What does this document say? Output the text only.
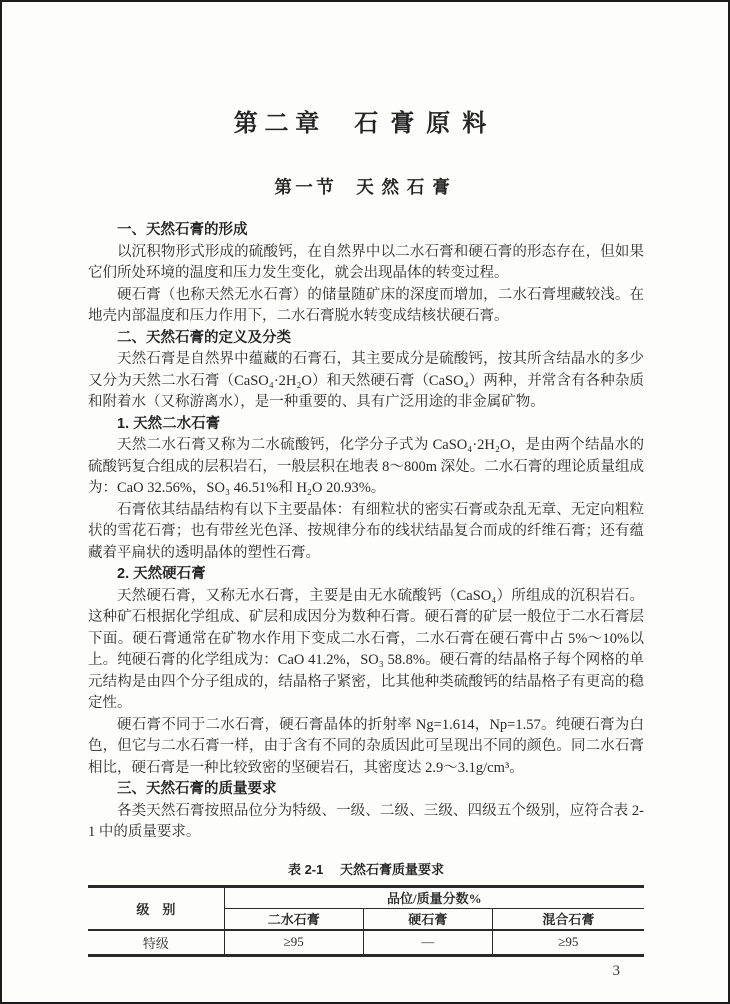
第二章 石膏原料
第一节 天然石膏

一、天然石膏的形成

以沉积物形式形成的硫酸钙，在自然界中以二水石膏和硬石膏的形态存在，但如果它们所处环境的温度和压力发生变化，就会出现晶体的转变过程。

硬石膏（也称天然无水石膏）的储量随矿床的深度而增加，二水石膏埋藏较浅。在地壳内部温度和压力作用下，二水石膏脱水转变成结核状硬石膏。

二、天然石膏的定义及分类

天然石膏是自然界中蕴藏的石膏石，其主要成分是硫酸钙，按其所含结晶水的多少又分为天然二水石膏（CaSO₄·2H₂O）和天然硬石膏（CaSO₄）两种，并常含有各种杂质和附着水（又称游离水），是一种重要的、具有广泛用途的非金属矿物。

1. 天然二水石膏

天然二水石膏又称为二水硫酸钙，化学分子式为 CaSO₄·2H₂O，是由两个结晶水的硫酸钙复合组成的层积岩石，一般层积在地表 8～800m 深处。二水石膏的理论质量组成为：CaO 32.56%，SO₃ 46.51%和 H₂O 20.93%。

石膏依其结晶结构有以下主要晶体：有细粒状的密实石膏或杂乱无章、无定向粗粒状的雪花石膏；也有带丝光色泽、按规律分布的线状结晶复合而成的纤维石膏；还有蕴藏着平扁状的透明晶体的塑性石膏。

2. 天然硬石膏

天然硬石膏，又称无水石膏，主要是由无水硫酸钙（CaSO₄）所组成的沉积岩石。这种矿石根据化学组成、矿层和成因分为数种石膏。硬石膏的矿层一般位于二水石膏层下面。硬石膏通常在矿物水作用下变成二水石膏，二水石膏在硬石膏中占 5%～10%以上。纯硬石膏的化学组成为：CaO 41.2%，SO₃ 58.8%。硬石膏的结晶格子每个网格的单元结构是由四个分子组成的，结晶格子紧密，比其他种类硫酸钙的结晶格子有更高的稳定性。

硬石膏不同于二水石膏，硬石膏晶体的折射率 Ng=1.614，Np=1.57。纯硬石膏为白色，但它与二水石膏一样，由于含有不同的杂质因此可呈现出不同的颜色。同二水石膏相比，硬石膏是一种比较致密的坚硬岩石，其密度达 2.9～3.1g/cm³。

三、天然石膏的质量要求

各类天然石膏按照品位分为特级、一级、二级、三级、四级五个级别，应符合表 2-1 中的质量要求。

表 2-1 天然石膏质量要求
级别	品位/质量分数%		
	二水石膏	硬石膏	混合石膏
特级	≥95	—	≥95
3
